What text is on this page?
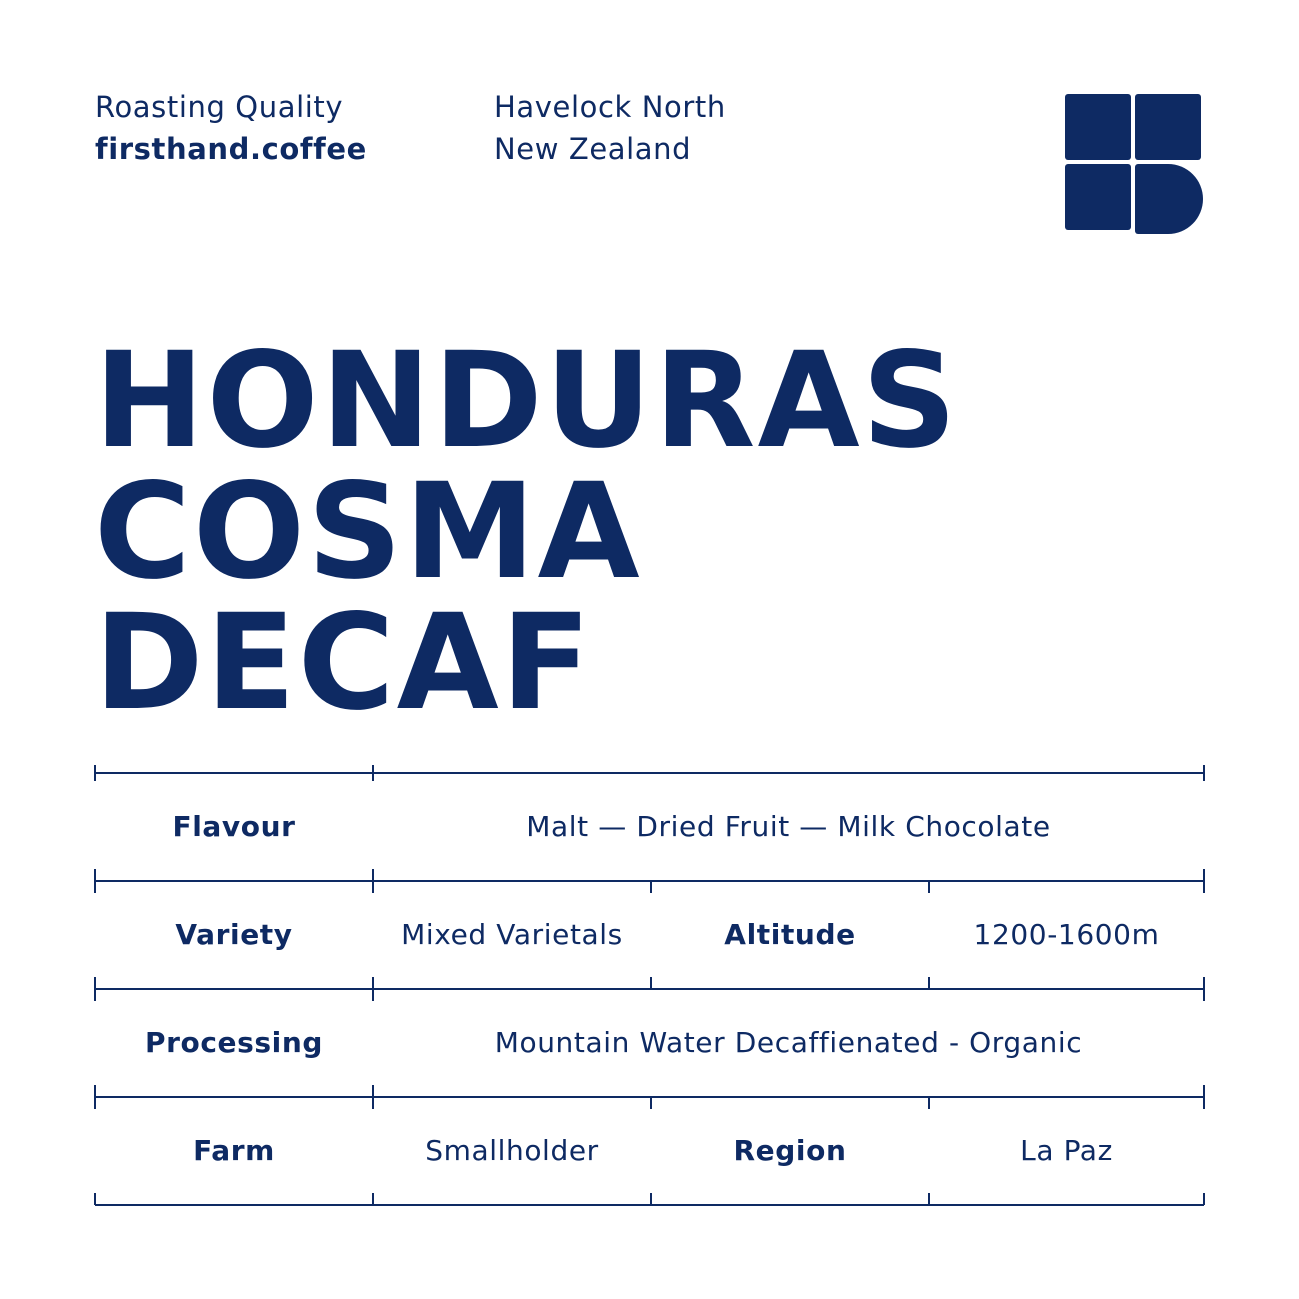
Roasting Quality
firsthand.coffee
Havelock North
New Zealand
HONDURAS
COSMA
DECAF
Flavour	Malt — Dried Fruit — Milk Chocolate
Variety	Mixed Varietals	Altitude	1200-1600m
Processing	Mountain Water Decaffienated - Organic
Farm	Smallholder	Region	La Paz
